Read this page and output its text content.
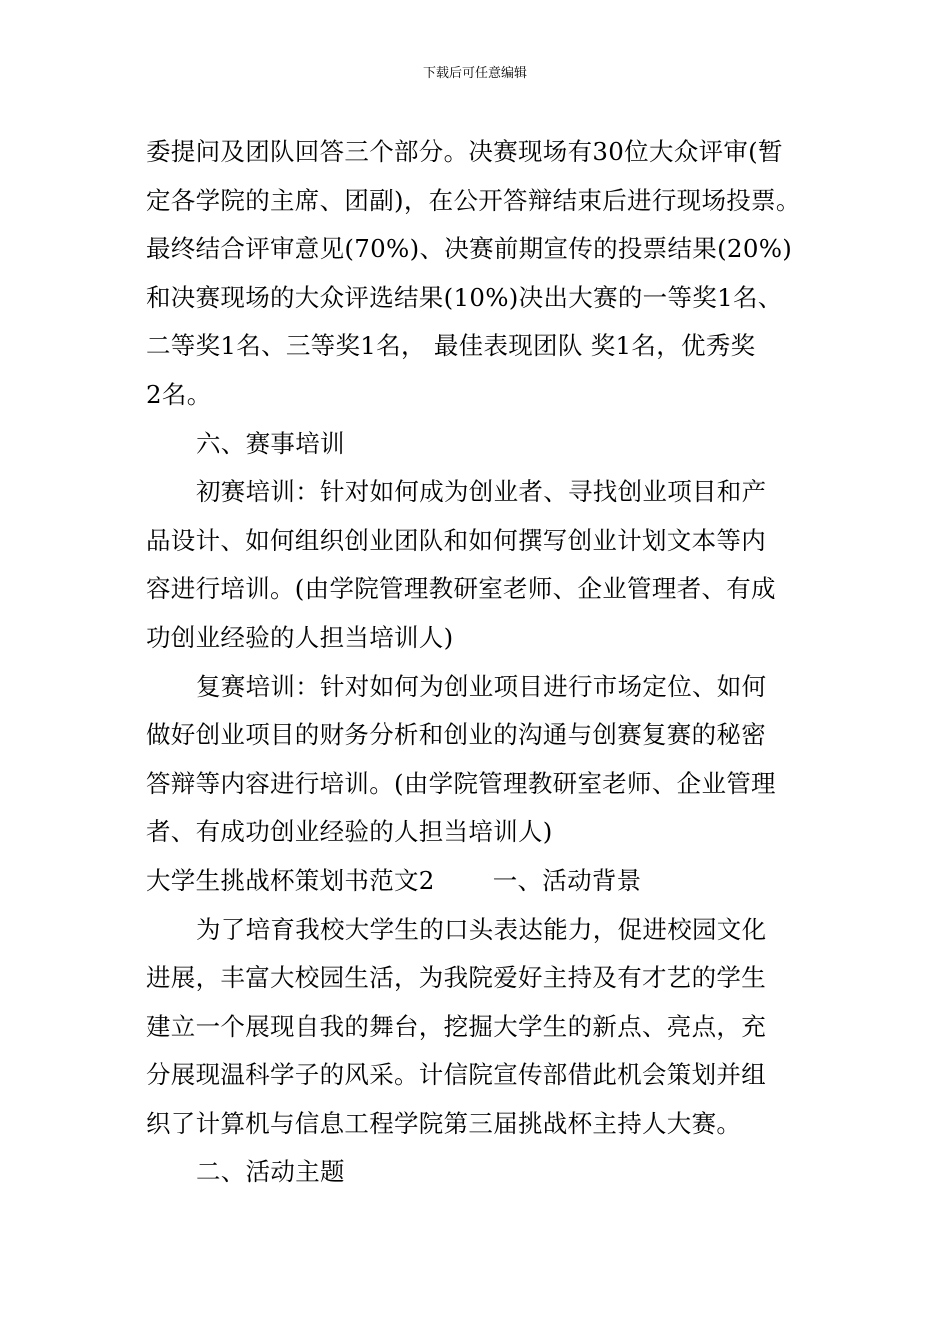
下载后可任意编辑
委提问及团队回答三个部分。决赛现场有30位大众评审(暂
定各学院的主席、团副)，在公开答辩结束后进行现场投票。
最终结合评审意见(70%)、决赛前期宣传的投票结果(20%)
和决赛现场的大众评选结果(10%)决出大赛的一等奖1名、
二等奖1名、三等奖1名， 最佳表现团队 奖1名，优秀奖
2名。
六、赛事培训
初赛培训：针对如何成为创业者、寻找创业项目和产
品设计、如何组织创业团队和如何撰写创业计划文本等内
容进行培训。(由学院管理教研室老师、企业管理者、有成
功创业经验的人担当培训人)
复赛培训：针对如何为创业项目进行市场定位、如何
做好创业项目的财务分析和创业的沟通与创赛复赛的秘密
答辩等内容进行培训。(由学院管理教研室老师、企业管理
者、有成功创业经验的人担当培训人)
大学生挑战杯策划书范文2 一、活动背景
为了培育我校大学生的口头表达能力，促进校园文化
进展，丰富大校园生活，为我院爱好主持及有才艺的学生
建立一个展现自我的舞台，挖掘大学生的新点、亮点，充
分展现温科学子的风采。计信院宣传部借此机会策划并组
织了计算机与信息工程学院第三届挑战杯主持人大赛。
二、活动主题
